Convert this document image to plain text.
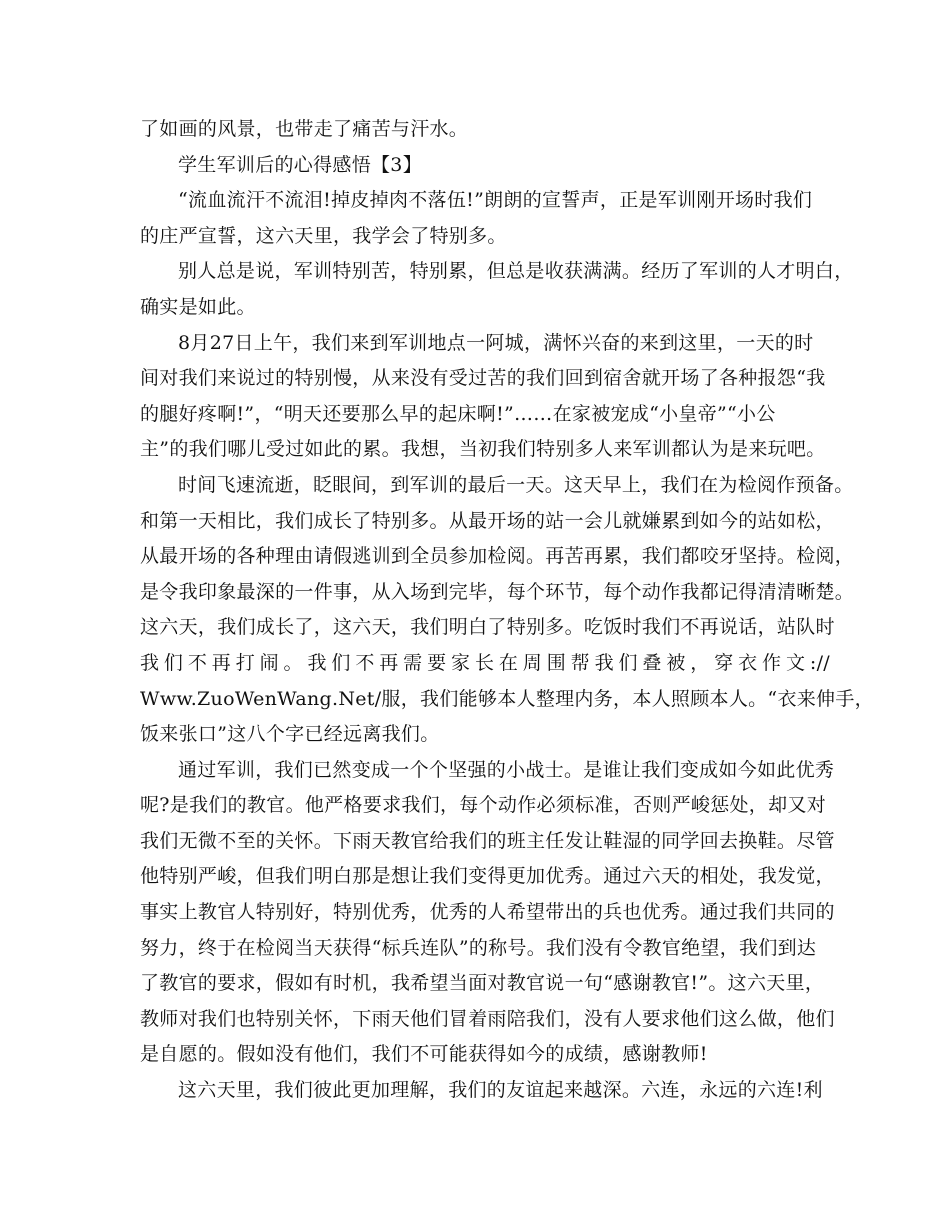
了如画的风景，也带走了痛苦与汗水。
学生军训后的心得感悟【3】
“流血流汗不流泪!掉皮掉肉不落伍!”朗朗的宣誓声，正是军训刚开场时我们
的庄严宣誓，这六天里，我学会了特别多。
别人总是说，军训特别苦，特别累，但总是收获满满。经历了军训的人才明白，
确实是如此。
8月27日上午，我们来到军训地点一阿城，满怀兴奋的来到这里，一天的时
间对我们来说过的特别慢，从来没有受过苦的我们回到宿舍就开场了各种报怨“我
的腿好疼啊!”，“明天还要那么早的起床啊!”……在家被宠成“小皇帝”“小公
主”的我们哪儿受过如此的累。我想，当初我们特别多人来军训都认为是来玩吧。
时间飞速流逝，眨眼间，到军训的最后一天。这天早上，我们在为检阅作预备。
和第一天相比，我们成长了特别多。从最开场的站一会儿就嫌累到如今的站如松，
从最开场的各种理由请假逃训到全员参加检阅。再苦再累，我们都咬牙坚持。检阅，
是令我印象最深的一件事，从入场到完毕，每个环节，每个动作我都记得清清晰楚。
这六天，我们成长了，这六天，我们明白了特别多。吃饭时我们不再说话，站队时
我们不再打闹。我们不再需要家长在周围帮我们叠被，穿衣作文://
Www.ZuoWenWang.Net/服，我们能够本人整理内务，本人照顾本人。“衣来伸手，
饭来张口”这八个字已经远离我们。
通过军训，我们已然变成一个个坚强的小战士。是谁让我们变成如今如此优秀
呢?是我们的教官。他严格要求我们，每个动作必须标准，否则严峻惩处，却又对
我们无微不至的关怀。下雨天教官给我们的班主任发让鞋湿的同学回去换鞋。尽管
他特别严峻，但我们明白那是想让我们变得更加优秀。通过六天的相处，我发觉，
事实上教官人特别好，特别优秀，优秀的人希望带出的兵也优秀。通过我们共同的
努力，终于在检阅当天获得“标兵连队”的称号。我们没有令教官绝望，我们到达
了教官的要求，假如有时机，我希望当面对教官说一句“感谢教官!”。这六天里，
教师对我们也特别关怀，下雨天他们冒着雨陪我们，没有人要求他们这么做，他们
是自愿的。假如没有他们，我们不可能获得如今的成绩，感谢教师!
这六天里，我们彼此更加理解，我们的友谊起来越深。六连，永远的六连!利
